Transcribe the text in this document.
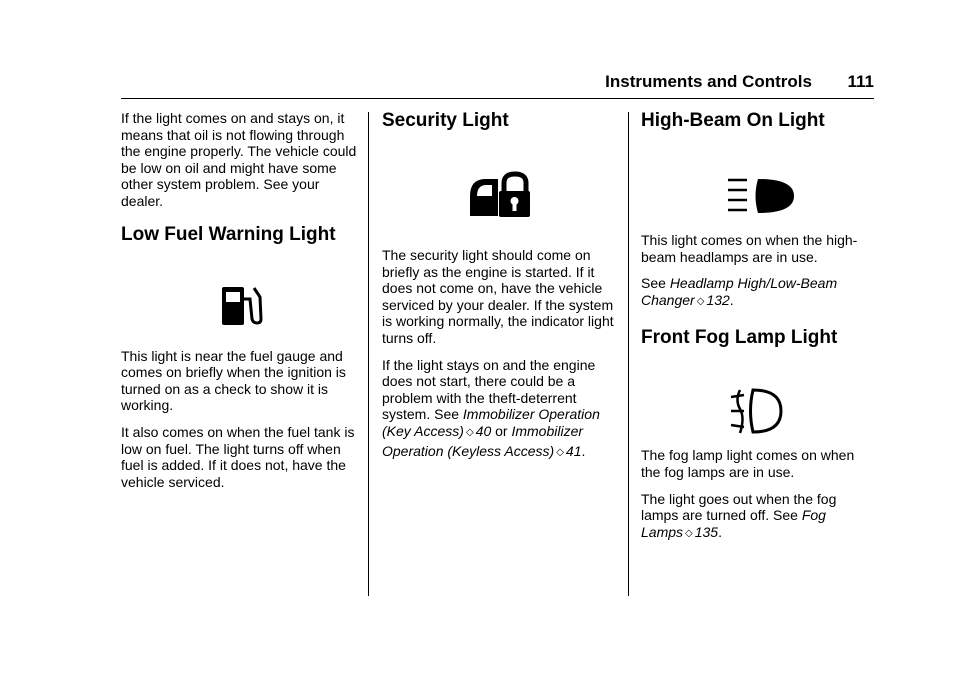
Instruments and Controls 111

If the light comes on and stays on, it means that oil is not flowing through the engine properly. The vehicle could be low on oil and might have some other system problem. See your dealer.

Low Fuel Warning Light

This light is near the fuel gauge and comes on briefly when the ignition is turned on as a check to show it is working.

It also comes on when the fuel tank is low on fuel. The light turns off when fuel is added. If it does not, have the vehicle serviced.

Security Light

The security light should come on briefly as the engine is started. If it does not come on, have the vehicle serviced by your dealer. If the system is working normally, the indicator light turns off.

If the light stays on and the engine does not start, there could be a problem with the theft-deterrent system. See Immobilizer Operation (Key Access) ◇ 40 or Immobilizer Operation (Keyless Access) ◇ 41.

High-Beam On Light

This light comes on when the high-beam headlamps are in use.

See Headlamp High/Low-Beam Changer ◇ 132.

Front Fog Lamp Light

The fog lamp light comes on when the fog lamps are in use.

The light goes out when the fog lamps are turned off. See Fog Lamps ◇ 135.
